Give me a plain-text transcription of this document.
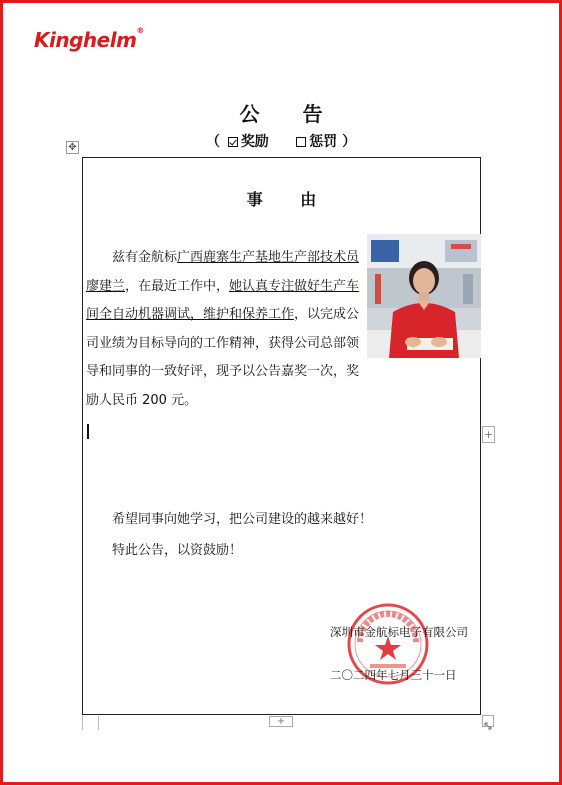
Kinghelm®
公 告
（ 奖励	惩罚 ）
✥
事 由
兹有金航标广西鹿寨生产基地生产部技术员廖建兰，在最近工作中，她认真专注做好生产车间全自动机器调试，维护和保养工作，以完成公司业绩为目标导向的工作精神，获得公司总部领导和同事的一致好评，现予以公告嘉奖一次，奖励人民币 200 元。
+
希望同事向她学习，把公司建设的越来越好！
特此公告，以资鼓励！
深圳市金航标电子有限公司
二〇二四年七月三十一日
+
